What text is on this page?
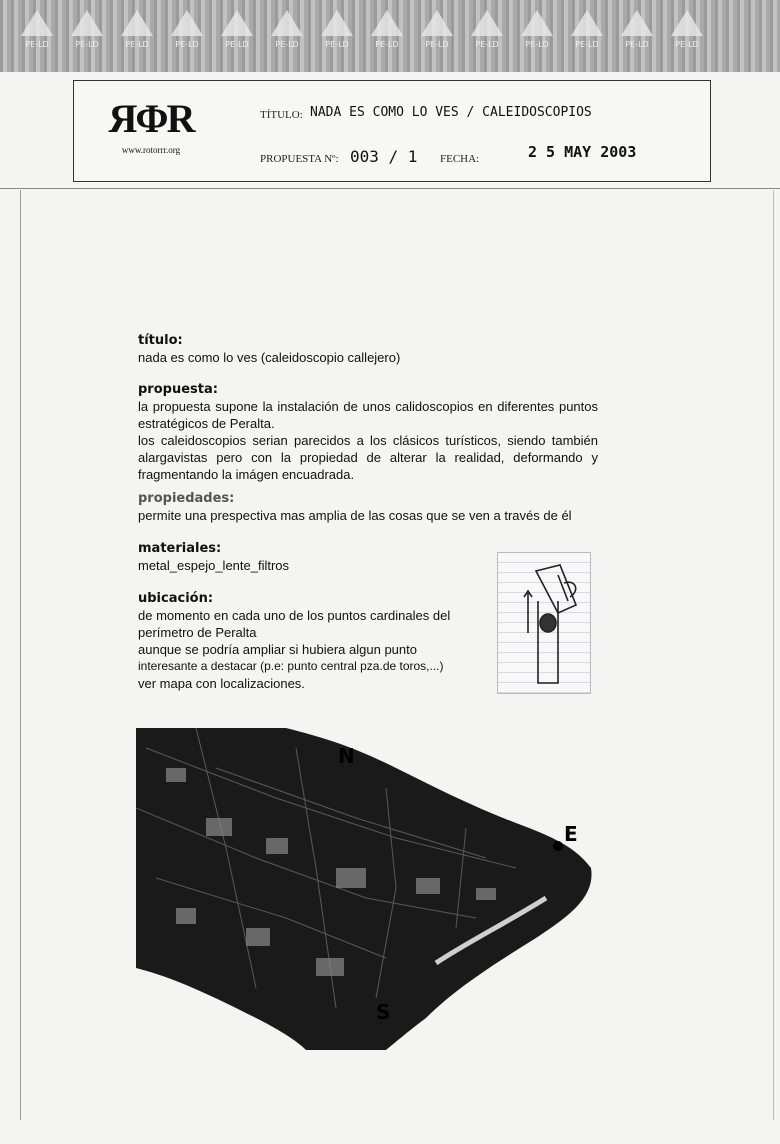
PE-LD	PE-LD	PE-LD	PE-LD	PE-LD	PE-LD	PE-LD	PE-LD	PE-LD	PE-LD	PE-LD	PE-LD	PE-LD	PE-LD
ЯΦR
www.rotorrr.org
TÍTULO: NADA ES COMO LO VES / CALEIDOSCOPIOS
PROPUESTA Nº: 003 / 1 FECHA:	2 5 MAY 2003
título:

nada es como lo ves (caleidoscopio callejero)

propuesta:

la propuesta supone la instalación de unos calidoscopios en diferentes puntos estratégicos de Peralta.

los caleidoscopios serian parecidos a los clásicos turísticos, siendo también alargavistas pero con la propiedad de alterar la realidad, deformando y fragmentando la imágen encuadrada.

propiedades:

permite una prespectiva mas amplia de las cosas que se ven a través de él

materiales:

metal_espejo_lente_filtros

ubicación:

de momento en cada uno de los puntos cardinales del

perímetro de Peralta

aunque se podría ampliar si hubiera algun punto

interesante a destacar (p.e: punto central pza.de toros,...)

ver mapa con localizaciones.

N
E
S
